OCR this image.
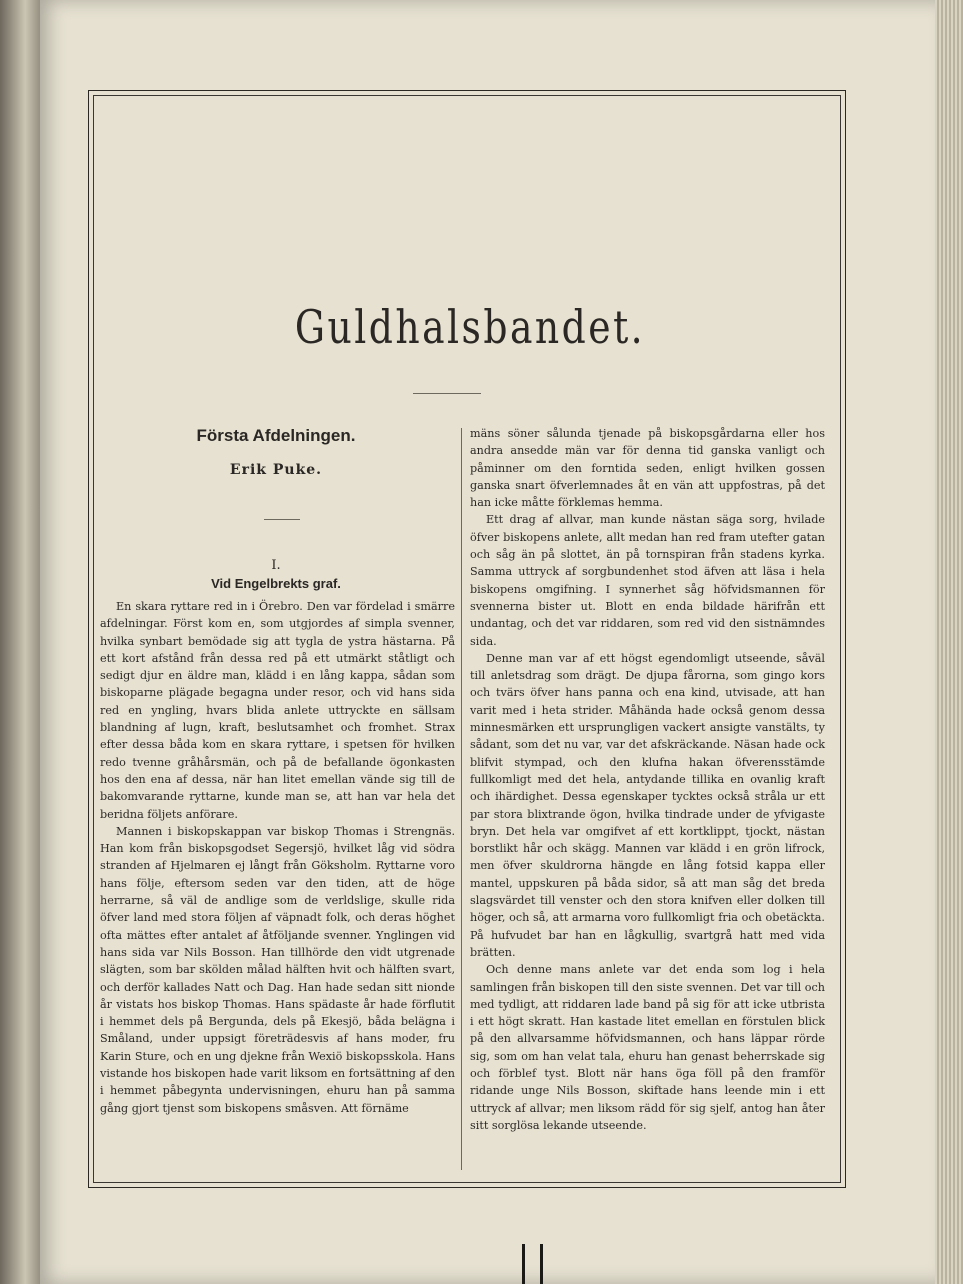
Guldhalsbandet.
Första Afdelningen.
Erik Puke.
I.
Vid Engelbrekts graf.

En skara ryttare red in i Örebro. Den var fördelad i smärre afdelningar. Först kom en, som utgjordes af simpla svenner, hvilka synbart bemödade sig att tygla de ystra hästarna. På ett kort afstånd från dessa red på ett utmärkt ståtligt och sedigt djur en äldre man, klädd i en lång kappa, sådan som biskoparne plägade begagna under resor, och vid hans sida red en yngling, hvars blida anlete uttryckte en sällsam blandning af lugn, kraft, beslutsamhet och fromhet. Strax efter dessa båda kom en skara ryttare, i spetsen för hvilken redo tvenne gråhårsmän, och på de befallande ögonkasten hos den ena af dessa, när han litet emellan vände sig till de bakomvarande ryttarne, kunde man se, att han var hela det beridna följets anförare.

Mannen i biskopskappan var biskop Thomas i Strengnäs. Han kom från biskopsgodset Segersjö, hvilket låg vid södra stranden af Hjelmaren ej långt från Göksholm. Ryttarne voro hans följe, eftersom seden var den tiden, att de höge herrarne, så väl de andlige som de verldslige, skulle rida öfver land med stora följen af väpnadt folk, och deras höghet ofta mättes efter antalet af åtföljande svenner. Ynglingen vid hans sida var Nils Bosson. Han tillhörde den vidt utgrenade slägten, som bar skölden målad hälften hvit och hälften svart, och derför kallades Natt och Dag. Han hade sedan sitt nionde år vistats hos biskop Thomas. Hans spädaste år hade förflutit i hemmet dels på Bergunda, dels på Ekesjö, båda belägna i Småland, under uppsigt företrädesvis af hans moder, fru Karin Sture, och en ung djekne från Wexiö biskopsskola. Hans vistande hos biskopen hade varit liksom en fortsättning af den i hemmet påbegynta undervisningen, ehuru han på samma gång gjort tjenst som biskopens småsven. Att förnäme

mäns söner sålunda tjenade på biskopsgårdarna eller hos andra ansedde män var för denna tid ganska vanligt och påminner om den forntida seden, enligt hvilken gossen ganska snart öfverlemnades åt en vän att uppfostras, på det han icke måtte förklemas hemma.

Ett drag af allvar, man kunde nästan säga sorg, hvilade öfver biskopens anlete, allt medan han red fram utefter gatan och såg än på slottet, än på tornspiran från stadens kyrka. Samma uttryck af sorgbundenhet stod äfven att läsa i hela biskopens omgifning. I synnerhet såg höfvidsmannen för svennerna bister ut. Blott en enda bildade härifrån ett undantag, och det var riddaren, som red vid den sistnämndes sida.

Denne man var af ett högst egendomligt utseende, såväl till anletsdrag som drägt. De djupa fårorna, som gingo kors och tvärs öfver hans panna och ena kind, utvisade, att han varit med i heta strider. Måhända hade också genom dessa minnesmärken ett ursprungligen vackert ansigte vanstälts, ty sådant, som det nu var, var det afskräckande. Näsan hade ock blifvit stympad, och den klufna hakan öfverensstämde fullkomligt med det hela, antydande tillika en ovanlig kraft och ihärdighet. Dessa egenskaper tycktes också stråla ur ett par stora blixtrande ögon, hvilka tindrade under de yfvigaste bryn. Det hela var omgifvet af ett kortklippt, tjockt, nästan borstlikt hår och skägg. Mannen var klädd i en grön lifrock, men öfver skuldrorna hängde en lång fotsid kappa eller mantel, uppskuren på båda sidor, så att man såg det breda slagsvärdet till venster och den stora knifven eller dolken till höger, och så, att armarna voro fullkomligt fria och obetäckta. På hufvudet bar han en lågkullig, svartgrå hatt med vida brätten.

Och denne mans anlete var det enda som log i hela samlingen från biskopen till den siste svennen. Det var till och med tydligt, att riddaren lade band på sig för att icke utbrista i ett högt skratt. Han kastade litet emellan en förstulen blick på den allvarsamme höfvidsmannen, och hans läppar rörde sig, som om han velat tala, ehuru han genast beherrskade sig och förblef tyst. Blott när hans öga föll på den framför ridande unge Nils Bosson, skiftade hans leende min i ett uttryck af allvar; men liksom rädd för sig sjelf, antog han åter sitt sorglösa lekande utseende.
